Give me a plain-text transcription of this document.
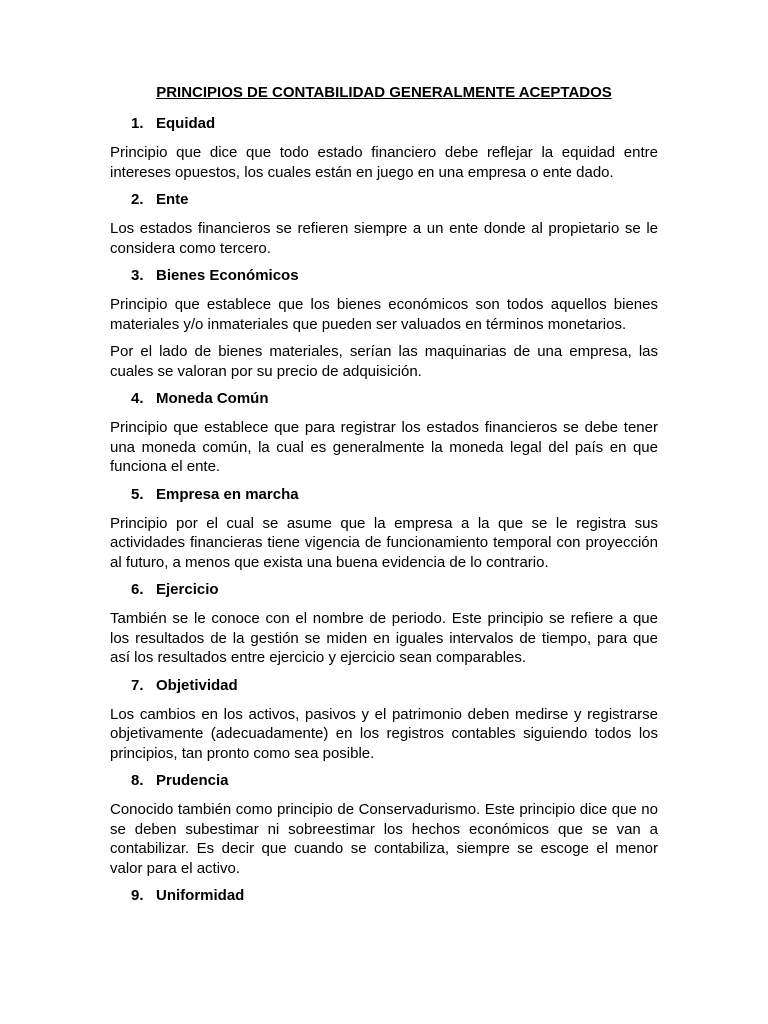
PRINCIPIOS DE CONTABILIDAD GENERALMENTE ACEPTADOS
1. Equidad

Principio que dice que todo estado financiero debe reflejar la equidad entre intereses opuestos, los cuales están en juego en una empresa o ente dado.

2. Ente

Los estados financieros se refieren siempre a un ente donde al propietario se le considera como tercero.

3. Bienes Económicos

Principio que establece que los bienes económicos son todos aquellos bienes materiales y/o inmateriales que pueden ser valuados en términos monetarios.

Por el lado de bienes materiales, serían las maquinarias de una empresa, las cuales se valoran por su precio de adquisición.

4. Moneda Común

Principio que establece que para registrar los estados financieros se debe tener una moneda común, la cual es generalmente la moneda legal del país en que funciona el ente.

5. Empresa en marcha

Principio por el cual se asume que la empresa a la que se le registra sus actividades financieras tiene vigencia de funcionamiento temporal con proyección al futuro, a menos que exista una buena evidencia de lo contrario.

6. Ejercicio

También se le conoce con el nombre de periodo. Este principio se refiere a que los resultados de la gestión se miden en iguales intervalos de tiempo, para que así los resultados entre ejercicio y ejercicio sean comparables.

7. Objetividad

Los cambios en los activos, pasivos y el patrimonio deben medirse y registrarse objetivamente (adecuadamente) en los registros contables siguiendo todos los principios, tan pronto como sea posible.

8. Prudencia

Conocido también como principio de Conservadurismo. Este principio dice que no se deben subestimar ni sobreestimar los hechos económicos que se van a contabilizar. Es decir que cuando se contabiliza, siempre se escoge el menor valor para el activo.

9. Uniformidad
